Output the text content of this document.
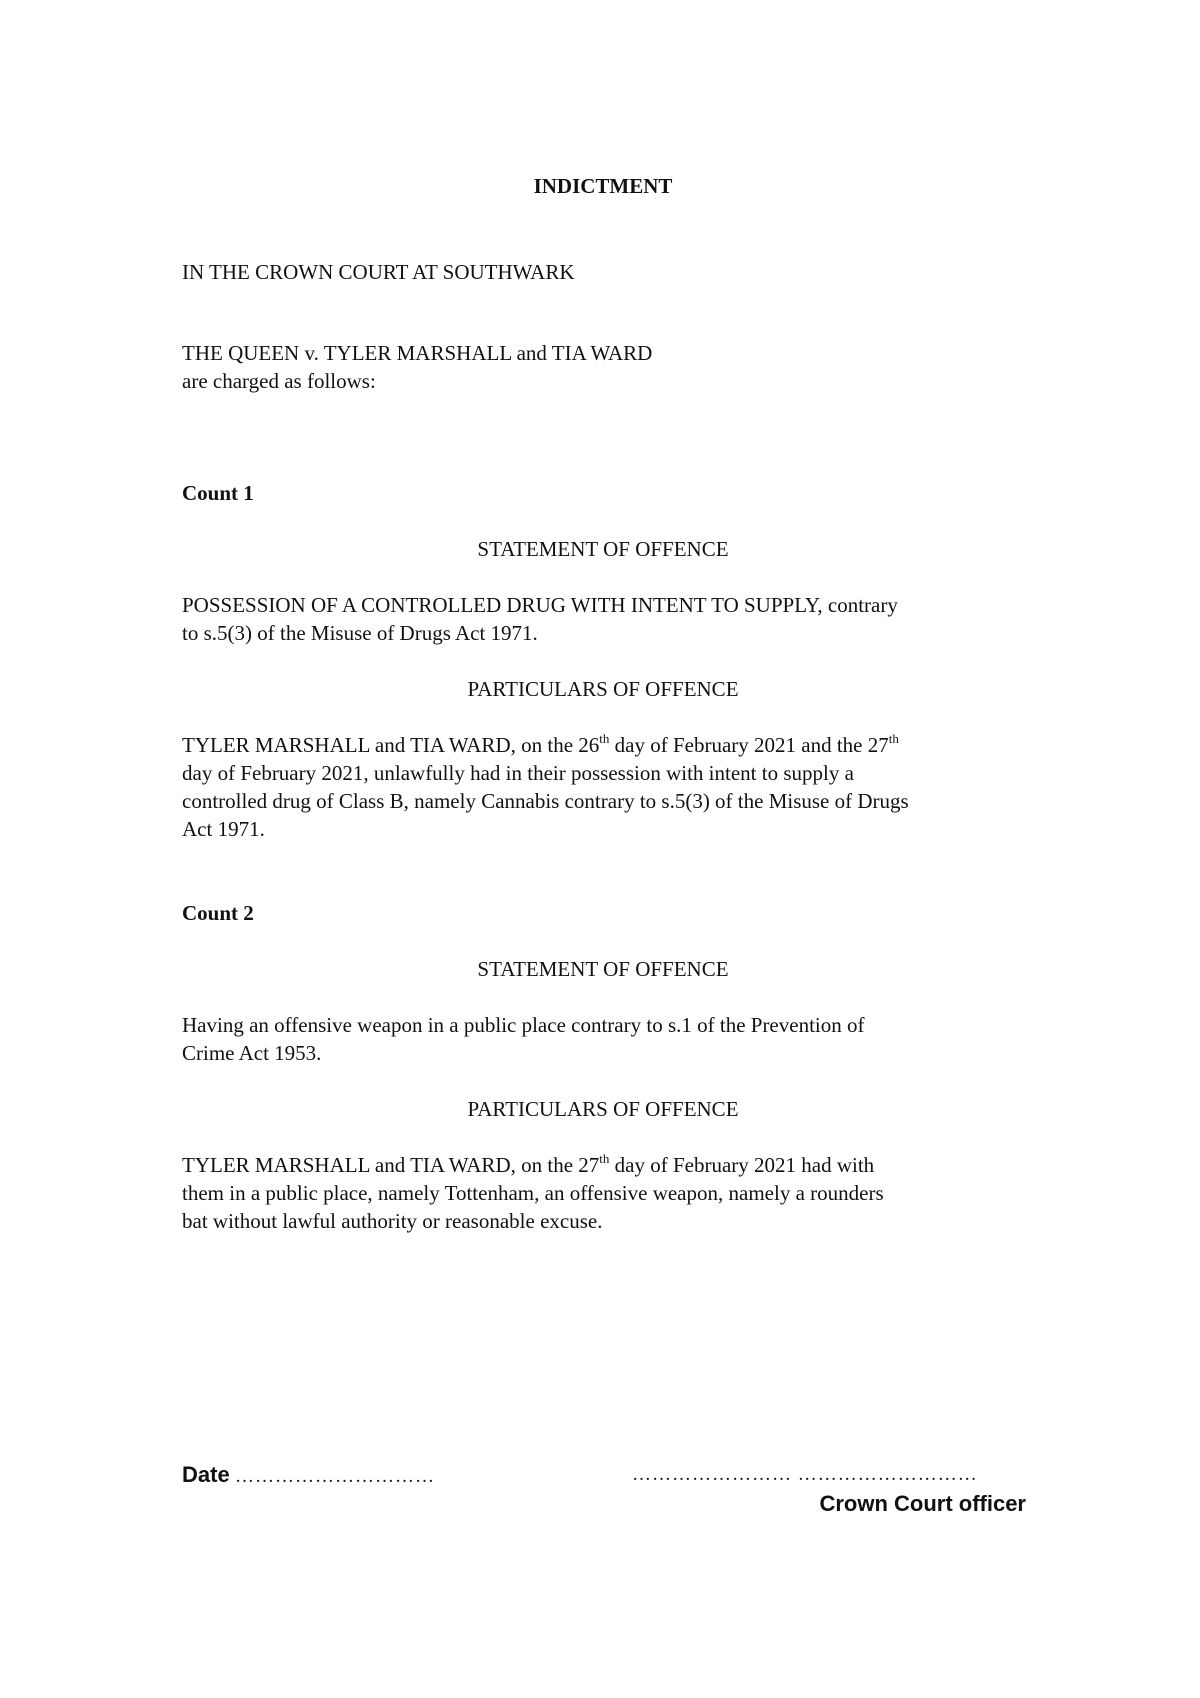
INDICTMENT
IN THE CROWN COURT AT SOUTHWARK
THE QUEEN v. TYLER MARSHALL and TIA WARD
are charged as follows:
Count 1
STATEMENT OF OFFENCE
POSSESSION OF A CONTROLLED DRUG WITH INTENT TO SUPPLY, contrary
to s.5(3) of the Misuse of Drugs Act 1971.
PARTICULARS OF OFFENCE
TYLER MARSHALL and TIA WARD, on the 26th day of February 2021 and the 27th
day of February 2021, unlawfully had in their possession with intent to supply a
controlled drug of Class B, namely Cannabis contrary to s.5(3) of the Misuse of Drugs
Act 1971.
Count 2
STATEMENT OF OFFENCE
Having an offensive weapon in a public place contrary to s.1 of the Prevention of
Crime Act 1953.
PARTICULARS OF OFFENCE
TYLER MARSHALL and TIA WARD, on the 27th day of February 2021 had with
them in a public place, namely Tottenham, an offensive weapon, namely a rounders
bat without lawful authority or reasonable excuse.
Date …………………………	…………………… ………………………
Crown Court officer
